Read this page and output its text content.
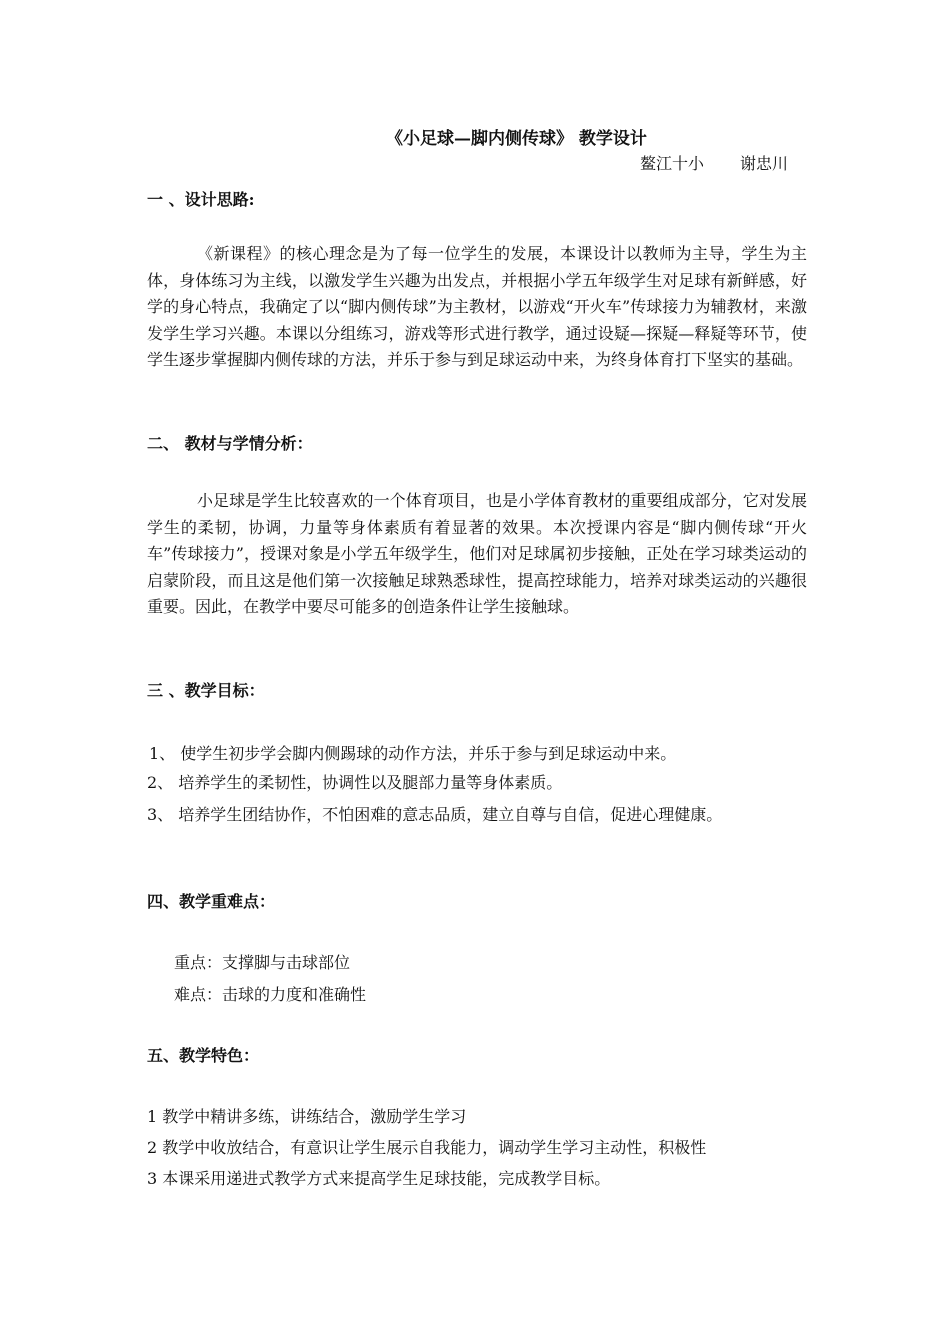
《小足球—脚内侧传球》 教学设计
鳌江十小 谢忠川
一 、设计思路:
《新课程》的核心理念是为了每一位学生的发展，本课设计以教师为主导，学生为主体，身体练习为主线，以激发学生兴趣为出发点，并根据小学五年级学生对足球有新鲜感，好学的身心特点，我确定了以“脚内侧传球”为主教材，以游戏“开火车”传球接力为辅教材，来激发学生学习兴趣。本课以分组练习，游戏等形式进行教学，通过设疑—探疑—释疑等环节，使学生逐步掌握脚内侧传球的方法，并乐于参与到足球运动中来，为终身体育打下坚实的基础。
二、 教材与学情分析：
小足球是学生比较喜欢的一个体育项目，也是小学体育教材的重要组成部分，它对发展学生的柔韧，协调，力量等身体素质有着显著的效果。本次授课内容是“脚内侧传球“开火车”传球接力”，授课对象是小学五年级学生，他们对足球属初步接触，正处在学习球类运动的启蒙阶段，而且这是他们第一次接触足球熟悉球性，提高控球能力，培养对球类运动的兴趣很重要。因此，在教学中要尽可能多的创造条件让学生接触球。
三 、教学目标：
1、 使学生初步学会脚内侧踢球的动作方法，并乐于参与到足球运动中来。
2、 培养学生的柔韧性，协调性以及腿部力量等身体素质。
3、 培养学生团结协作，不怕困难的意志品质，建立自尊与自信，促进心理健康。
四、教学重难点：
重点：支撑脚与击球部位
难点：击球的力度和准确性
五、教学特色：
1 教学中精讲多练，讲练结合，激励学生学习
2 教学中收放结合，有意识让学生展示自我能力，调动学生学习主动性，积极性
3 本课采用递进式教学方式来提高学生足球技能，完成教学目标。
